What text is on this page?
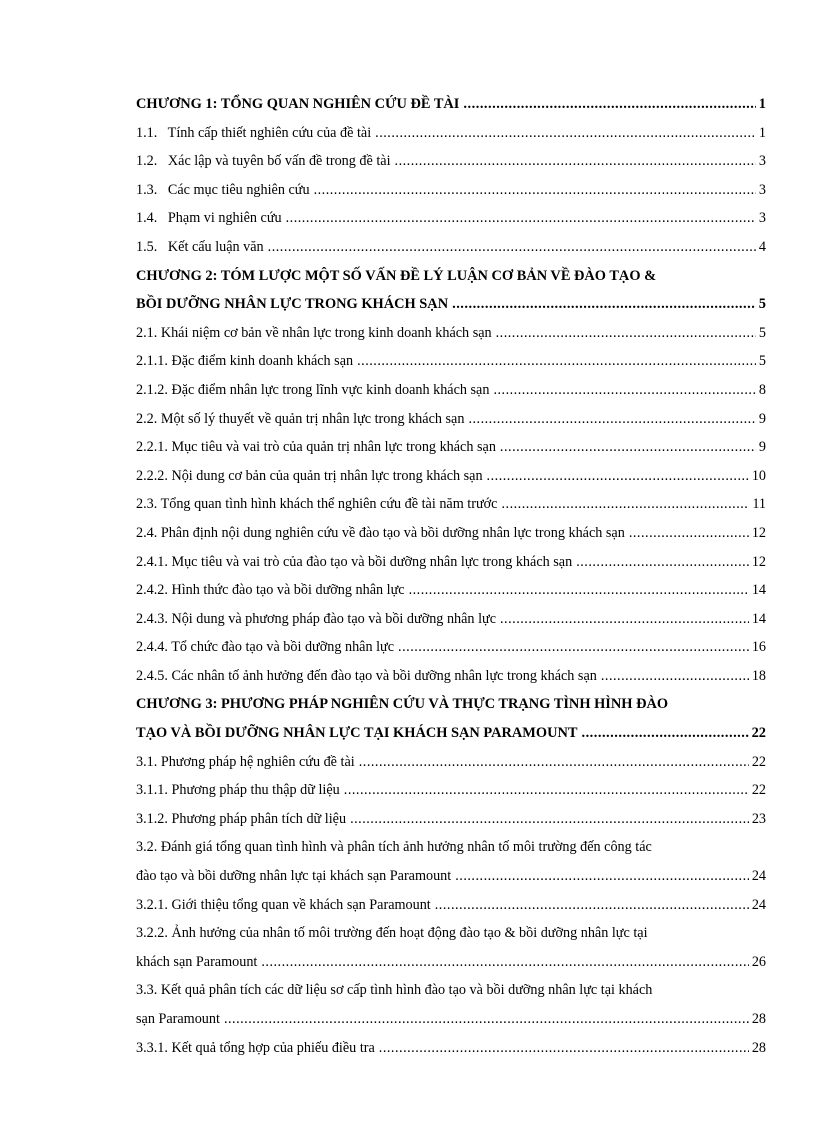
CHƯƠNG 1: TỔNG QUAN NGHIÊN CỨU ĐỀ TÀI .....	1
1.1.   Tính cấp thiết nghiên cứu của đề tài .....	1
1.2.   Xác lập và tuyên bố vấn đề trong đề tài .....	3
1.3.   Các mục tiêu nghiên cứu .....	3
1.4.   Phạm vi nghiên cứu .....	3
1.5.   Kết cấu luận văn .....	4
CHƯƠNG 2: TÓM LƯỢC MỘT SỐ VẤN ĐỀ LÝ LUẬN CƠ BẢN VỀ ĐÀO TẠO &
BỒI DƯỠNG NHÂN LỰC TRONG KHÁCH SẠN .....	5
2.1. Khái niệm cơ bản về nhân lực trong kinh doanh khách sạn .....	5
2.1.1. Đặc điểm kinh doanh khách sạn .....	5
2.1.2. Đặc điểm nhân lực trong lĩnh vực kinh doanh khách sạn .....	8
2.2. Một số lý thuyết về quản trị nhân lực trong khách sạn .....	9
2.2.1. Mục tiêu và vai trò của quản trị nhân lực trong khách sạn .....	9
2.2.2. Nội dung cơ bản của quản trị nhân lực trong khách sạn .....	10
2.3. Tổng quan tình hình khách thể nghiên cứu đề tài năm trước .....	11
2.4. Phân định nội dung nghiên cứu về đào tạo và bồi dưỡng nhân lực trong khách sạn .....	12
2.4.1. Mục tiêu và vai trò của đào tạo và bồi dưỡng nhân lực trong khách sạn .....	12
2.4.2. Hình thức đào tạo và bồi dưỡng nhân lực .....	14
2.4.3. Nội dung và phương pháp đào tạo và bồi dưỡng nhân lực .....	14
2.4.4. Tổ chức đào tạo và bồi dưỡng nhân lực .....	16
2.4.5. Các nhân tố ảnh hưởng đến đào tạo và bồi dưỡng nhân lực trong khách sạn .....	18
CHƯƠNG 3: PHƯƠNG PHÁP NGHIÊN CỨU VÀ THỰC TRẠNG TÌNH HÌNH ĐÀO
TẠO VÀ BỒI DƯỠNG NHÂN LỰC TẠI KHÁCH SẠN PARAMOUNT .....	22
3.1. Phương pháp hệ nghiên cứu đề tài .....	22
3.1.1. Phương pháp thu thập dữ liệu .....	22
3.1.2. Phương pháp phân tích dữ liệu .....	23
3.2. Đánh giá tổng quan tình hình và phân tích ảnh hưởng nhân tố môi trường đến công tác
đào tạo và bồi dưỡng nhân lực tại khách sạn Paramount .....	24
3.2.1. Giới thiệu tổng quan về khách sạn Paramount .....	24
3.2.2. Ảnh hưởng của nhân tố môi trường đến hoạt động đào tạo & bồi dưỡng nhân lực tại
khách sạn Paramount .....	26
3.3. Kết quả phân tích các dữ liệu sơ cấp tình hình đào tạo và bồi dưỡng nhân lực tại khách
sạn Paramount .....	28
3.3.1. Kết quả tổng hợp của phiếu điều tra .....	28
